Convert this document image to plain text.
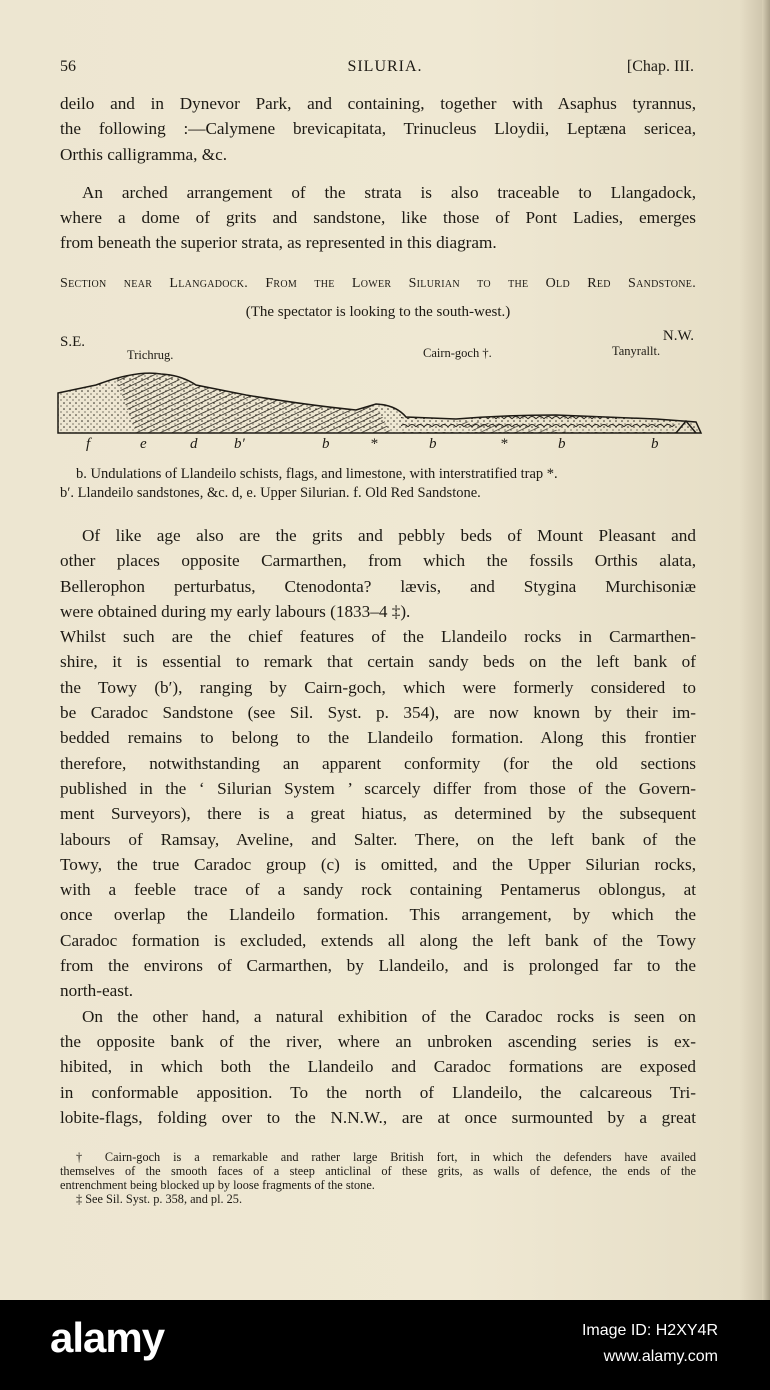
56	SILURIA.	[Chap. III.
deilo and in Dynevor Park, and containing, together with Asaphus tyrannus,
the following :—Calymene brevicapitata, Trinucleus Lloydii, Leptæna sericea,
Orthis calligramma, &c.
An arched arrangement of the strata is also traceable to Llangadock,
where a dome of grits and sandstone, like those of Pont Ladies, emerges
from beneath the superior strata, as represented in this diagram.
Section near Llangadock. From the Lower Silurian to the Old Red Sandstone.
(The spectator is looking to the south-west.)
S.E.	N.W.
Trichrug.	Cairn-goch †.	Tanyrallt.
f	e	d b′	b	*	b	*	b	b
b. Undulations of Llandeilo schists, flags, and limestone, with interstratified trap *.
b′. Llandeilo sandstones, &c. d, e. Upper Silurian. f. Old Red Sandstone.
Of like age also are the grits and pebbly beds of Mount Pleasant and
other places opposite Carmarthen, from which the fossils Orthis alata,
Bellerophon perturbatus, Ctenodonta? lævis, and Stygina Murchisoniæ
were obtained during my early labours (1833–4 ‡).
Whilst such are the chief features of the Llandeilo rocks in Carmarthen-
shire, it is essential to remark that certain sandy beds on the left bank of
the Towy (b′), ranging by Cairn-goch, which were formerly considered to
be Caradoc Sandstone (see Sil. Syst. p. 354), are now known by their im-
bedded remains to belong to the Llandeilo formation. Along this frontier
therefore, notwithstanding an apparent conformity (for the old sections
published in the ‘ Silurian System ’ scarcely differ from those of the Govern-
ment Surveyors), there is a great hiatus, as determined by the subsequent
labours of Ramsay, Aveline, and Salter. There, on the left bank of the
Towy, the true Caradoc group (c) is omitted, and the Upper Silurian rocks,
with a feeble trace of a sandy rock containing Pentamerus oblongus, at
once overlap the Llandeilo formation. This arrangement, by which the
Caradoc formation is excluded, extends all along the left bank of the Towy
from the environs of Carmarthen, by Llandeilo, and is prolonged far to the
north-east.
On the other hand, a natural exhibition of the Caradoc rocks is seen on
the opposite bank of the river, where an unbroken ascending series is ex-
hibited, in which both the Llandeilo and Caradoc formations are exposed
in conformable apposition. To the north of Llandeilo, the calcareous Tri-
lobite-flags, folding over to the N.N.W., are at once surmounted by a great
† Cairn-goch is a remarkable and rather large British fort, in which the defenders have availed
themselves of the smooth faces of a steep anticlinal of these grits, as walls of defence, the ends of the
entrenchment being blocked up by loose fragments of the stone.
‡ See Sil. Syst. p. 358, and pl. 25.
alamy	Image ID: H2XY4R
www.alamy.com
